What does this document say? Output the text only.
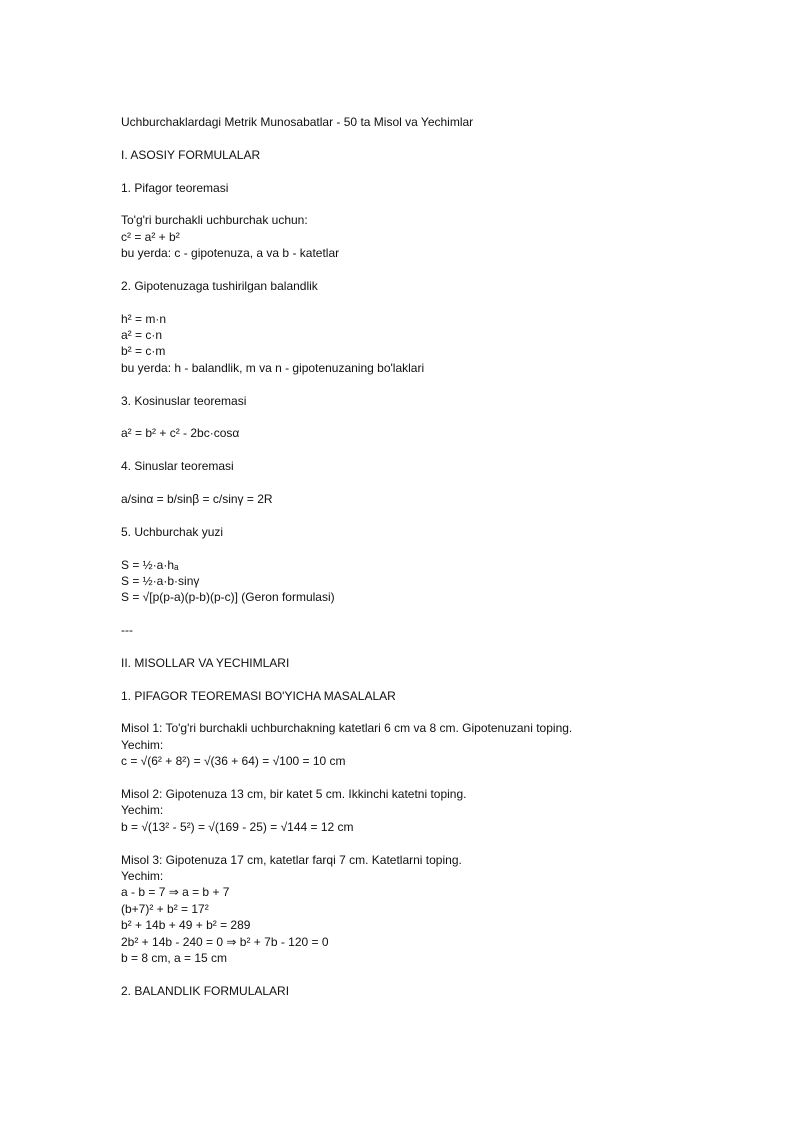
Uchburchaklardagi Metrik Munosabatlar - 50 ta Misol va Yechimlar
I. ASOSIY FORMULALAR
1. Pifagor teoremasi
To'g'ri burchakli uchburchak uchun:
c² = a² + b²
bu yerda: c - gipotenuza, a va b - katetlar
2. Gipotenuzaga tushirilgan balandlik
h² = m·n
a² = c·n
b² = c·m
bu yerda: h - balandlik, m va n - gipotenuzaning bo'laklari
3. Kosinuslar teoremasi
a² = b² + c² - 2bc·cosα
4. Sinuslar teoremasi
a/sinα = b/sinβ = c/sinγ = 2R
5. Uchburchak yuzi
S = ½·a·hₐ
S = ½·a·b·sinγ
S = √[p(p-a)(p-b)(p-c)] (Geron formulasi)
---
II. MISOLLAR VA YECHIMLARI
1. PIFAGOR TEOREMASI BO'YICHA MASALALAR
Misol 1: To'g'ri burchakli uchburchakning katetlari 6 cm va 8 cm. Gipotenuzani toping.
Yechim:
c = √(6² + 8²) = √(36 + 64) = √100 = 10 cm
Misol 2: Gipotenuza 13 cm, bir katet 5 cm. Ikkinchi katetni toping.
Yechim:
b = √(13² - 5²) = √(169 - 25) = √144 = 12 cm
Misol 3: Gipotenuza 17 cm, katetlar farqi 7 cm. Katetlarni toping.
Yechim:
a - b = 7 ⇒ a = b + 7
(b+7)² + b² = 17²
b² + 14b + 49 + b² = 289
2b² + 14b - 240 = 0 ⇒ b² + 7b - 120 = 0
b = 8 cm, a = 15 cm
2. BALANDLIK FORMULALARI
